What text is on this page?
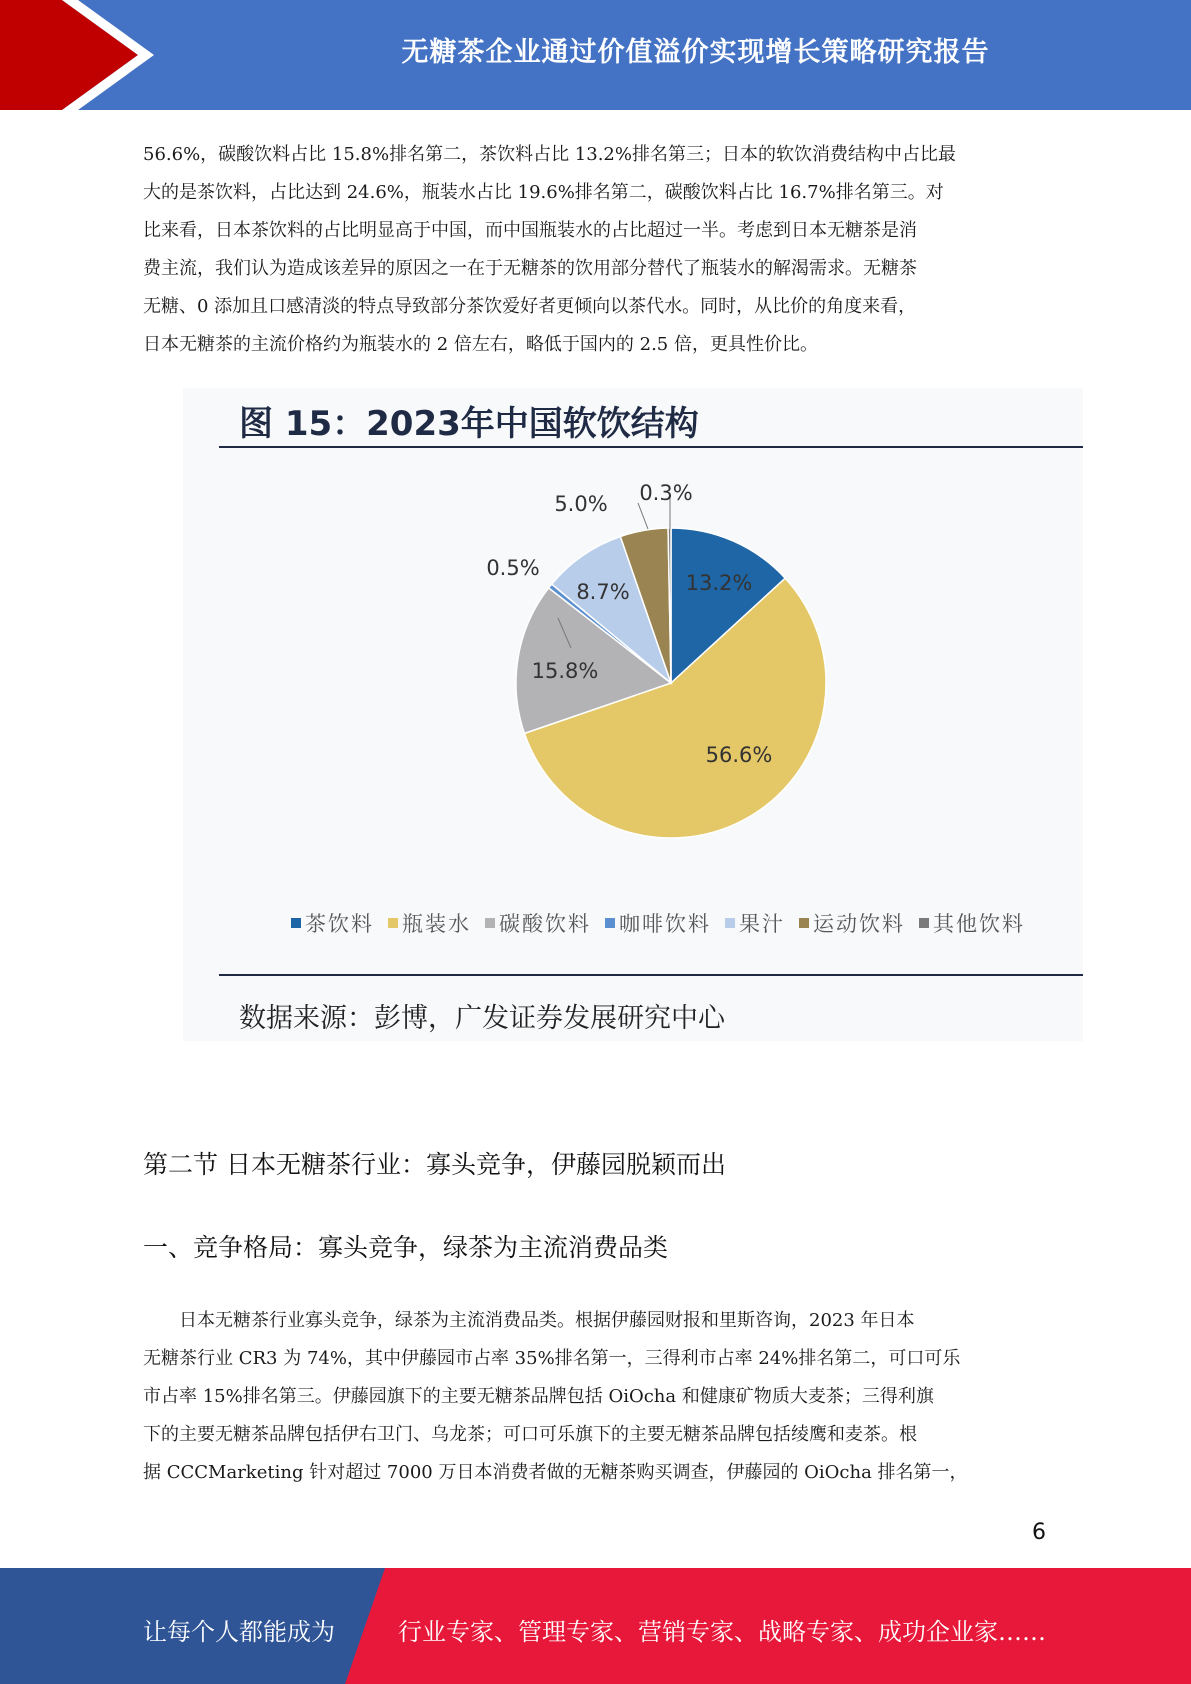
无糖茶企业通过价值溢价实现增长策略研究报告

56.6%，碳酸饮料占比 15.8%排名第二，茶饮料占比 13.2%排名第三；日本的软饮消费结构中占比最

大的是茶饮料，占比达到 24.6%，瓶装水占比 19.6%排名第二，碳酸饮料占比 16.7%排名第三。对

比来看，日本茶饮料的占比明显高于中国，而中国瓶装水的占比超过一半。考虑到日本无糖茶是消

费主流，我们认为造成该差异的原因之一在于无糖茶的饮用部分替代了瓶装水的解渴需求。无糖茶

无糖、0 添加且口感清淡的特点导致部分茶饮爱好者更倾向以茶代水。同时，从比价的角度来看，

日本无糖茶的主流价格约为瓶装水的 2 倍左右，略低于国内的 2.5 倍，更具性价比。

图 15：2023年中国软饮结构
13.2%
56.6%
15.8%
0.5%
8.7%
5.0% 0.3%
茶饮料 瓶装水 碳酸饮料 咖啡饮料 果汁 运动饮料 其他饮料
数据来源：彭博，广发证券发展研究中心
第二节 日本无糖茶行业：寡头竞争，伊藤园脱颖而出
一、竞争格局：寡头竞争，绿茶为主流消费品类

日本无糖茶行业寡头竞争，绿茶为主流消费品类。根据伊藤园财报和里斯咨询，2023 年日本

无糖茶行业 CR3 为 74%，其中伊藤园市占率 35%排名第一，三得利市占率 24%排名第二，可口可乐

市占率 15%排名第三。伊藤园旗下的主要无糖茶品牌包括 OiOcha 和健康矿物质大麦茶；三得利旗

下的主要无糖茶品牌包括伊右卫门、乌龙茶；可口可乐旗下的主要无糖茶品牌包括绫鹰和麦茶。根

据 CCCMarketing 针对超过 7000 万日本消费者做的无糖茶购买调查，伊藤园的 OiOcha 排名第一，

6
让每个人都能成为	行业专家、管理专家、营销专家、战略专家、成功企业家……
